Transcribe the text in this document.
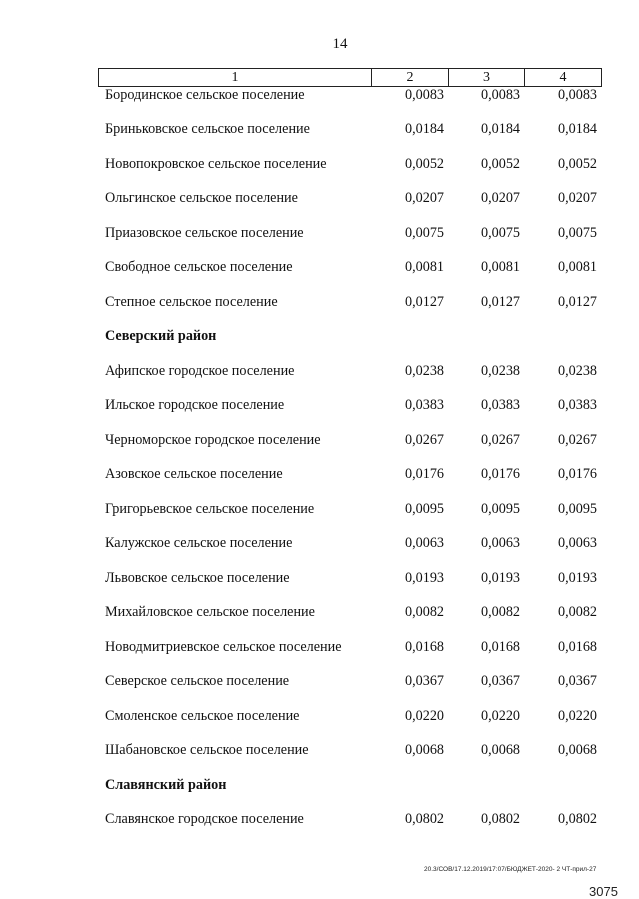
14
1	2	3	4
Бородинское сельское поселение	0,0083	0,0083	0,0083
Бриньковское сельское поселение	0,0184	0,0184	0,0184
Новопокровское сельское поселение	0,0052	0,0052	0,0052
Ольгинское сельское поселение	0,0207	0,0207	0,0207
Приазовское сельское поселение	0,0075	0,0075	0,0075
Свободное сельское поселение	0,0081	0,0081	0,0081
Степное сельское поселение	0,0127	0,0127	0,0127
Северский район			
Афипское городское поселение	0,0238	0,0238	0,0238
Ильское городское поселение	0,0383	0,0383	0,0383
Черноморское городское поселение	0,0267	0,0267	0,0267
Азовское сельское поселение	0,0176	0,0176	0,0176
Григорьевское сельское поселение	0,0095	0,0095	0,0095
Калужское сельское поселение	0,0063	0,0063	0,0063
Львовское сельское поселение	0,0193	0,0193	0,0193
Михайловское сельское поселение	0,0082	0,0082	0,0082
Новодмитриевское сельское поселение	0,0168	0,0168	0,0168
Северское сельское поселение	0,0367	0,0367	0,0367
Смоленское сельское поселение	0,0220	0,0220	0,0220
Шабановское сельское поселение	0,0068	0,0068	0,0068
Славянский район			
Славянское городское поселение	0,0802	0,0802	0,0802
20.3/СОВ/17.12.2019/17:07/БЮДЖЕТ-2020- 2 ЧТ-прил-27
3075
